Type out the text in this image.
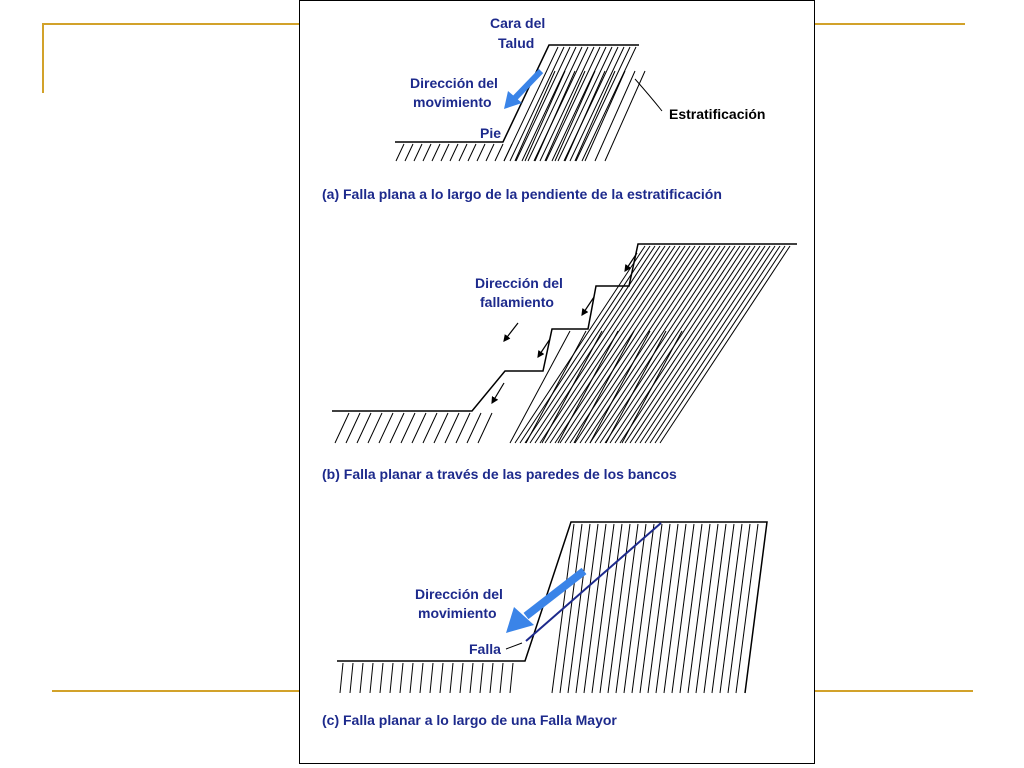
Cara del
Talud
Dirección del
movimiento
Pie
Estratificación
(a) Falla plana a lo largo de la pendiente de la estratificación
Dirección del
fallamiento
(b) Falla planar a través de las paredes de los bancos
Dirección del
movimiento
Falla
(c) Falla planar a lo largo de una Falla Mayor
